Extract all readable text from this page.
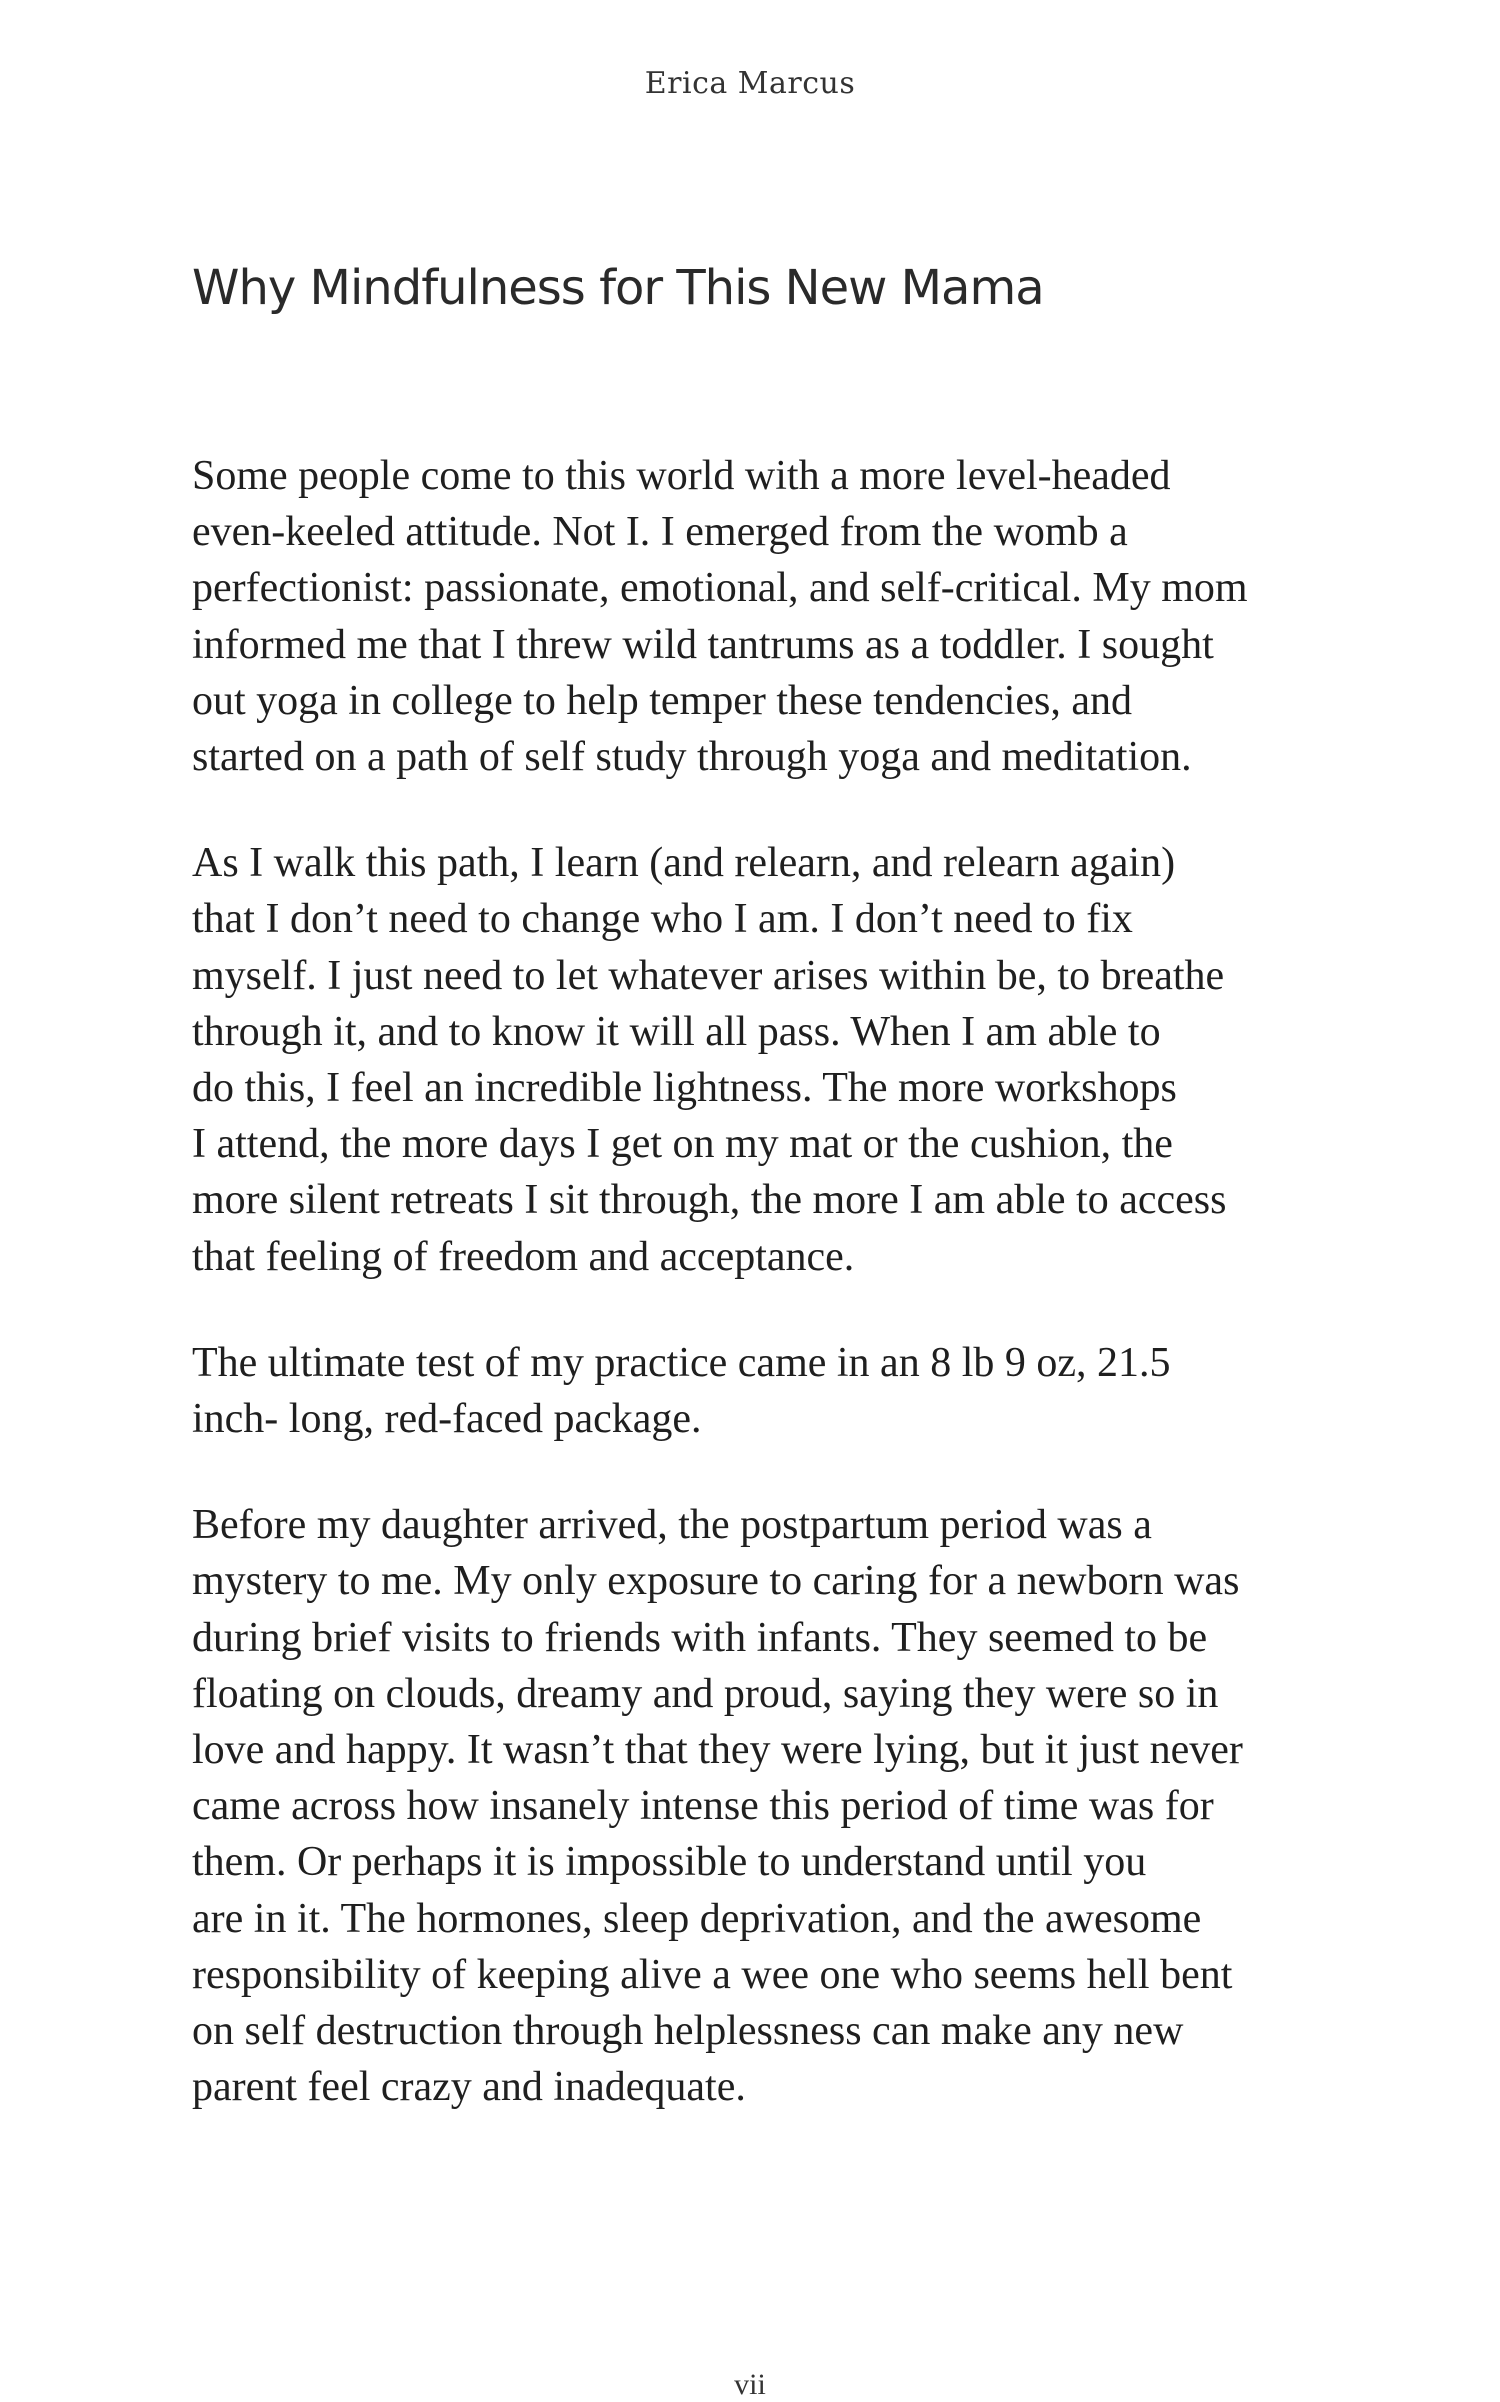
Erica Marcus
Why Mindfulness for This New Mama
Some people come to this world with a more level-headed
even-keeled attitude. Not I. I emerged from the womb a
perfectionist: passionate, emotional, and self-critical. My mom
informed me that I threw wild tantrums as a toddler. I sought
out yoga in college to help temper these tendencies, and
started on a path of self study through yoga and meditation.
As I walk this path, I learn (and relearn, and relearn again)
that I don’t need to change who I am. I don’t need to fix
myself. I just need to let whatever arises within be, to breathe
through it, and to know it will all pass. When I am able to
do this, I feel an incredible lightness. The more workshops
I attend, the more days I get on my mat or the cushion, the
more silent retreats I sit through, the more I am able to access
that feeling of freedom and acceptance.
The ultimate test of my practice came in an 8 lb 9 oz, 21.5
inch- long, red-faced package.
Before my daughter arrived, the postpartum period was a
mystery to me. My only exposure to caring for a newborn was
during brief visits to friends with infants. They seemed to be
floating on clouds, dreamy and proud, saying they were so in
love and happy. It wasn’t that they were lying, but it just never
came across how insanely intense this period of time was for
them. Or perhaps it is impossible to understand until you
are in it. The hormones, sleep deprivation, and the awesome
responsibility of keeping alive a wee one who seems hell bent
on self destruction through helplessness can make any new
parent feel crazy and inadequate.
vii
